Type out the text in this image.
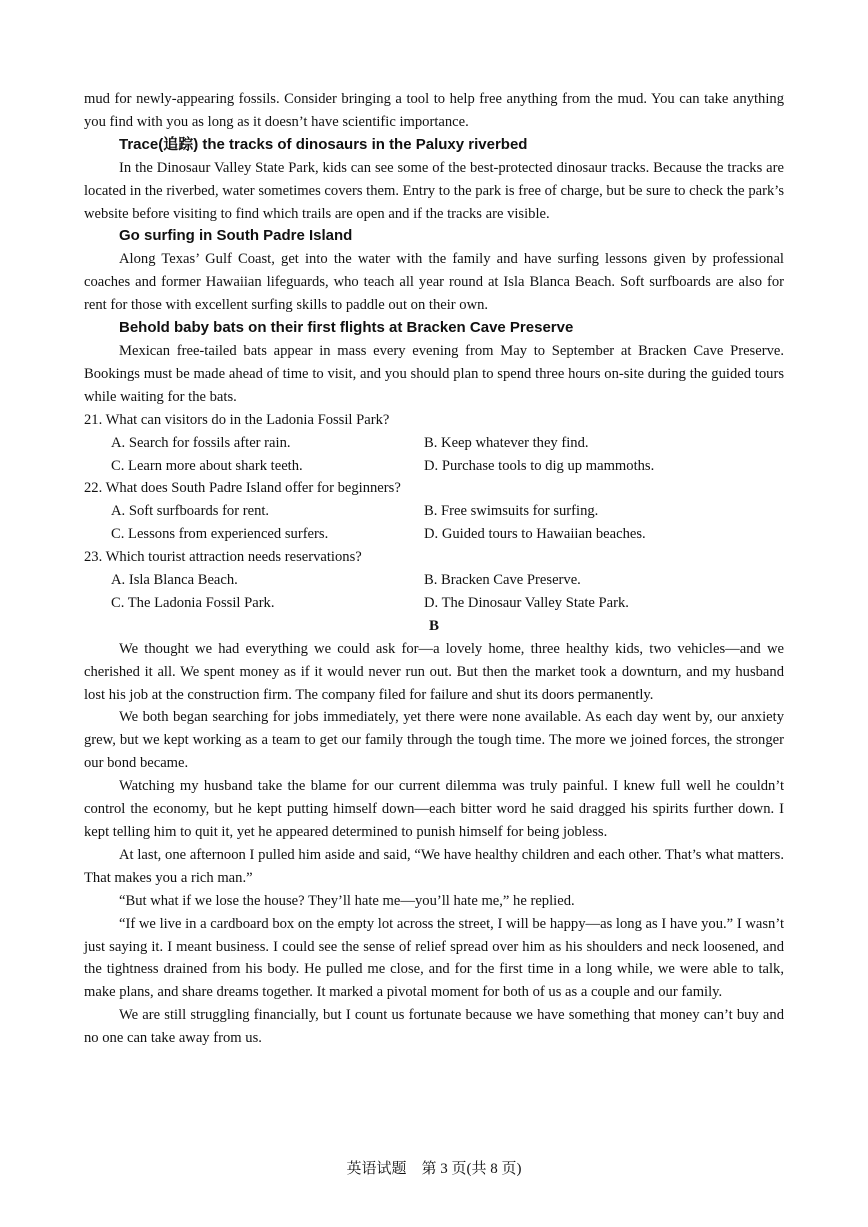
mud for newly-appearing fossils. Consider bringing a tool to help free anything from the mud. You can take anything you find with you as long as it doesn’t have scientific importance.

Trace(追踪) the tracks of dinosaurs in the Paluxy riverbed

In the Dinosaur Valley State Park, kids can see some of the best-protected dinosaur tracks. Because the tracks are located in the riverbed, water sometimes covers them. Entry to the park is free of charge, but be sure to check the park’s website before visiting to find which trails are open and if the tracks are visible.

Go surfing in South Padre Island

Along Texas’ Gulf Coast, get into the water with the family and have surfing lessons given by professional coaches and former Hawaiian lifeguards, who teach all year round at Isla Blanca Beach. Soft surfboards are also for rent for those with excellent surfing skills to paddle out on their own.

Behold baby bats on their first flights at Bracken Cave Preserve

Mexican free-tailed bats appear in mass every evening from May to September at Bracken Cave Preserve. Bookings must be made ahead of time to visit, and you should plan to spend three hours on-site during the guided tours while waiting for the bats.

21. What can visitors do in the Ladonia Fossil Park?

A. Search for fossils after rain.	B. Keep whatever they find.
C. Learn more about shark teeth.	D. Purchase tools to dig up mammoths.

22. What does South Padre Island offer for beginners?

A. Soft surfboards for rent.	B. Free swimsuits for surfing.
C. Lessons from experienced surfers.	D. Guided tours to Hawaiian beaches.

23. Which tourist attraction needs reservations?

A. Isla Blanca Beach.	B. Bracken Cave Preserve.
C. The Ladonia Fossil Park.	D. The Dinosaur Valley State Park.

B

We thought we had everything we could ask for—a lovely home, three healthy kids, two vehicles—and we cherished it all. We spent money as if it would never run out. But then the market took a downturn, and my husband lost his job at the construction firm. The company filed for failure and shut its doors permanently.

We both began searching for jobs immediately, yet there were none available. As each day went by, our anxiety grew, but we kept working as a team to get our family through the tough time. The more we joined forces, the stronger our bond became.

Watching my husband take the blame for our current dilemma was truly painful. I knew full well he couldn’t control the economy, but he kept putting himself down—each bitter word he said dragged his spirits further down. I kept telling him to quit it, yet he appeared determined to punish himself for being jobless.

At last, one afternoon I pulled him aside and said, “We have healthy children and each other. That’s what matters. That makes you a rich man.”

“But what if we lose the house? They’ll hate me—you’ll hate me,” he replied.

“If we live in a cardboard box on the empty lot across the street, I will be happy—as long as I have you.” I wasn’t just saying it. I meant business. I could see the sense of relief spread over him as his shoulders and neck loosened, and the tightness drained from his body. He pulled me close, and for the first time in a long while, we were able to talk, make plans, and share dreams together. It marked a pivotal moment for both of us as a couple and our family.

We are still struggling financially, but I count us fortunate because we have something that money can’t buy and no one can take away from us.

英语试题　第 3 页(共 8 页)
